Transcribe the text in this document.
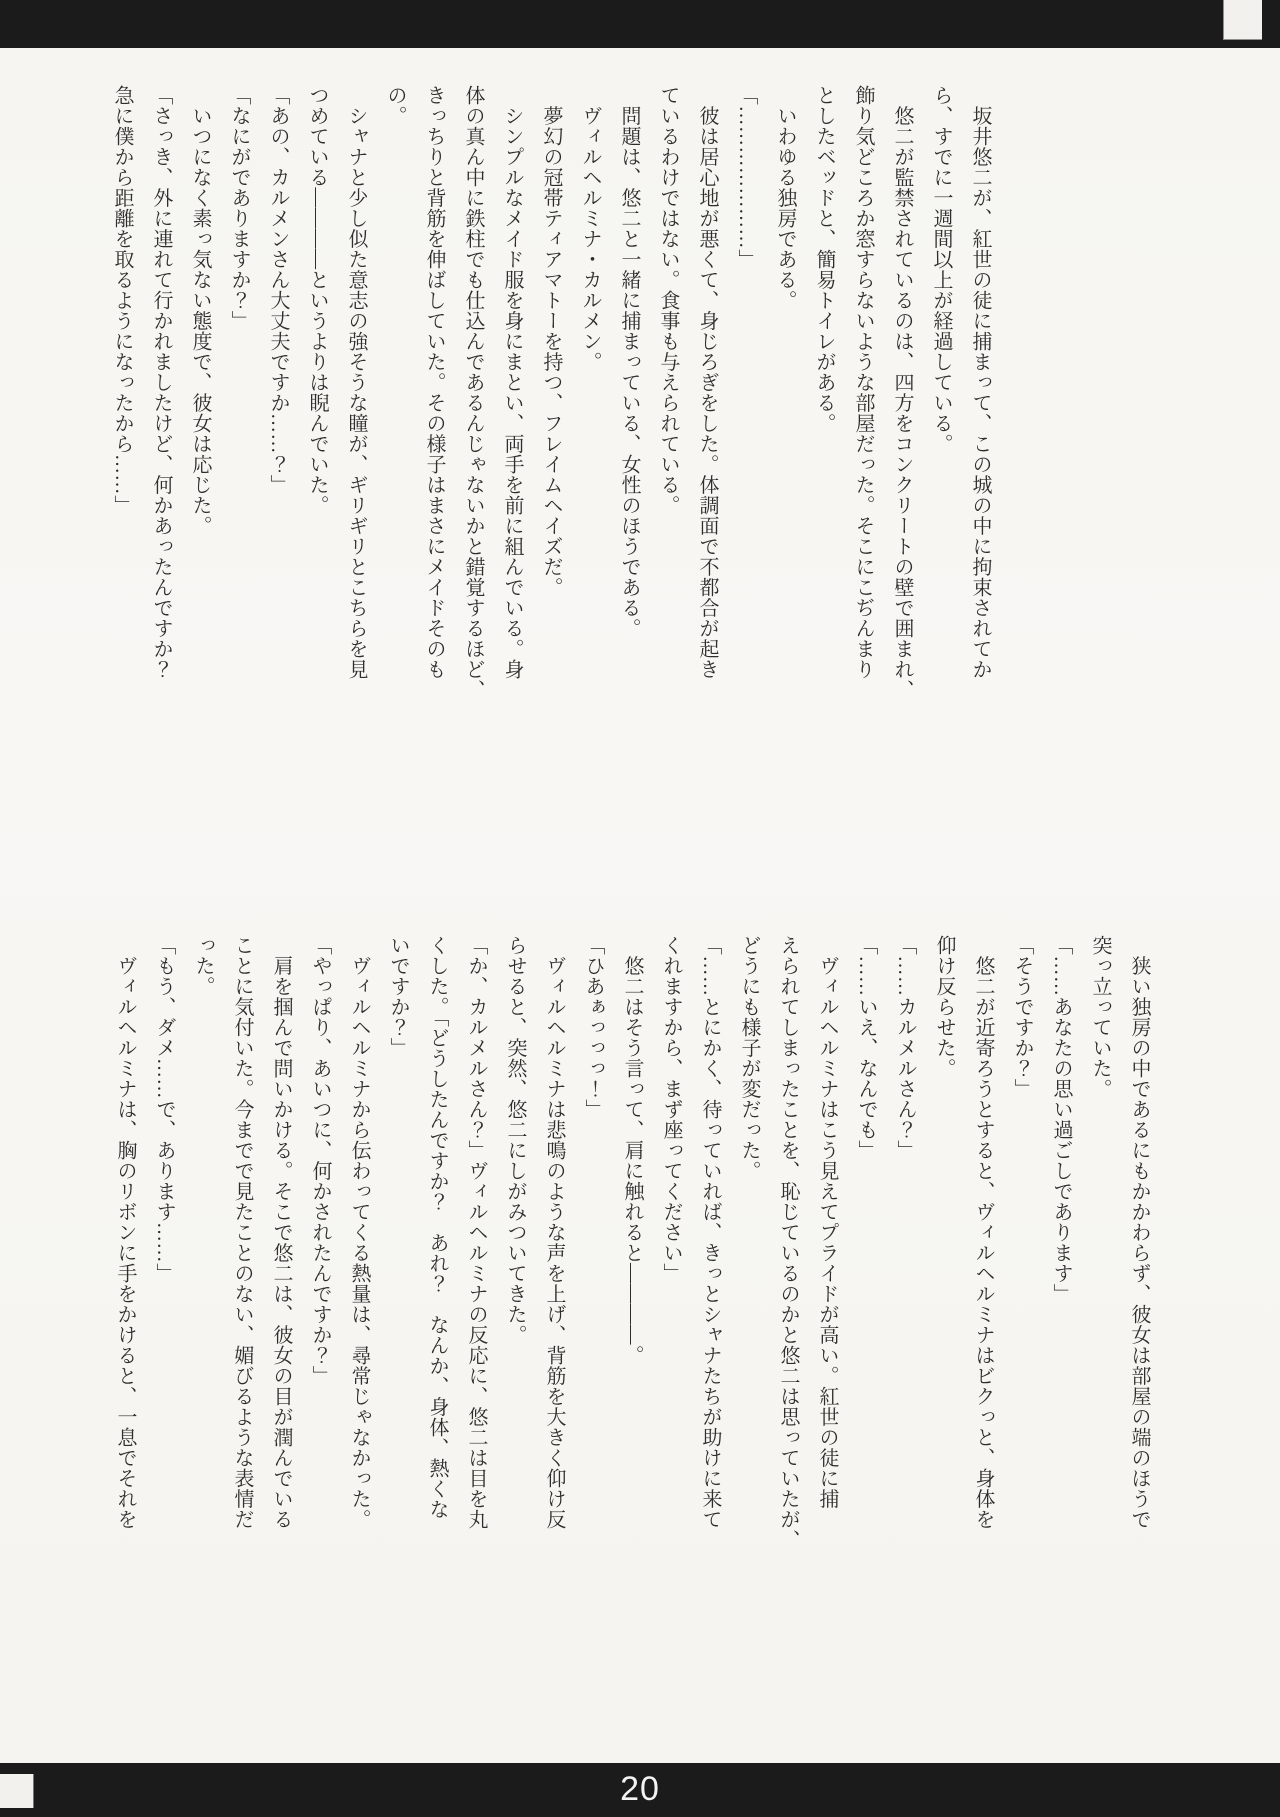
　坂井悠二が、紅世の徒に捕まって、この城の中に拘束されてか
ら、すでに一週間以上が経過している。
　悠二が監禁されているのは、四方をコンクリートの壁で囲まれ、
飾り気どころか窓すらないような部屋だった。そこにこぢんまり
としたベッドと、簡易トイレがある。
　いわゆる独房である。
「…………………」
　彼は居心地が悪くて、身じろぎをした。体調面で不都合が起き
ているわけではない。食事も与えられている。
　問題は、悠二と一緒に捕まっている、女性のほうである。
　ヴィルヘルミナ・カルメン。
　夢幻の冠帯ティアマトーを持つ、フレイムヘイズだ。
　シンプルなメイド服を身にまとい、両手を前に組んでいる。身
体の真ん中に鉄柱でも仕込んであるんじゃないかと錯覚するほど、
きっちりと背筋を伸ばしていた。その様子はまさにメイドそのも
の。
　シャナと少し似た意志の強そうな瞳が、ギリギリとこちらを見
つめている――――というよりは睨んでいた。
「あの、カルメンさん大丈夫ですか……？」
「なにがでありますか？」
　いつになく素っ気ない態度で、彼女は応じた。
「さっき、外に連れて行かれましたけど、何かあったんですか？
急に僕から距離を取るようになったから……」
　狭い独房の中であるにもかかわらず、彼女は部屋の端のほうで
突っ立っていた。
「……あなたの思い過ごしであります」
「そうですか？」
　悠二が近寄ろうとすると、ヴィルヘルミナはビクっと、身体を
仰け反らせた。
「……カルメルさん？」
「……いえ、なんでも」
　ヴィルヘルミナはこう見えてプライドが高い。紅世の徒に捕
えられてしまったことを、恥じているのかと悠二は思っていたが、
どうにも様子が変だった。
「……とにかく、待っていれば、きっとシャナたちが助けに来て
くれますから、まず座ってください」
　悠二はそう言って、肩に触れると――――。
「ひあぁっっっ！」
　ヴィルヘルミナは悲鳴のような声を上げ、背筋を大きく仰け反
らせると、突然、悠二にしがみついてきた。
「か、カルメルさん？」ヴィルヘルミナの反応に、悠二は目を丸
くした。「どうしたんですか？　あれ？　なんか、身体、熱くな
いですか？」
　ヴィルヘルミナから伝わってくる熱量は、尋常じゃなかった。
「やっぱり、あいつに、何かされたんですか？」
　肩を掴んで問いかける。そこで悠二は、彼女の目が潤んでいる
ことに気付いた。今までで見たことのない、媚びるような表情だ
った。
「もう、ダメ……で、あります……」
　ヴィルヘルミナは、胸のリボンに手をかけると、一息でそれを
20
